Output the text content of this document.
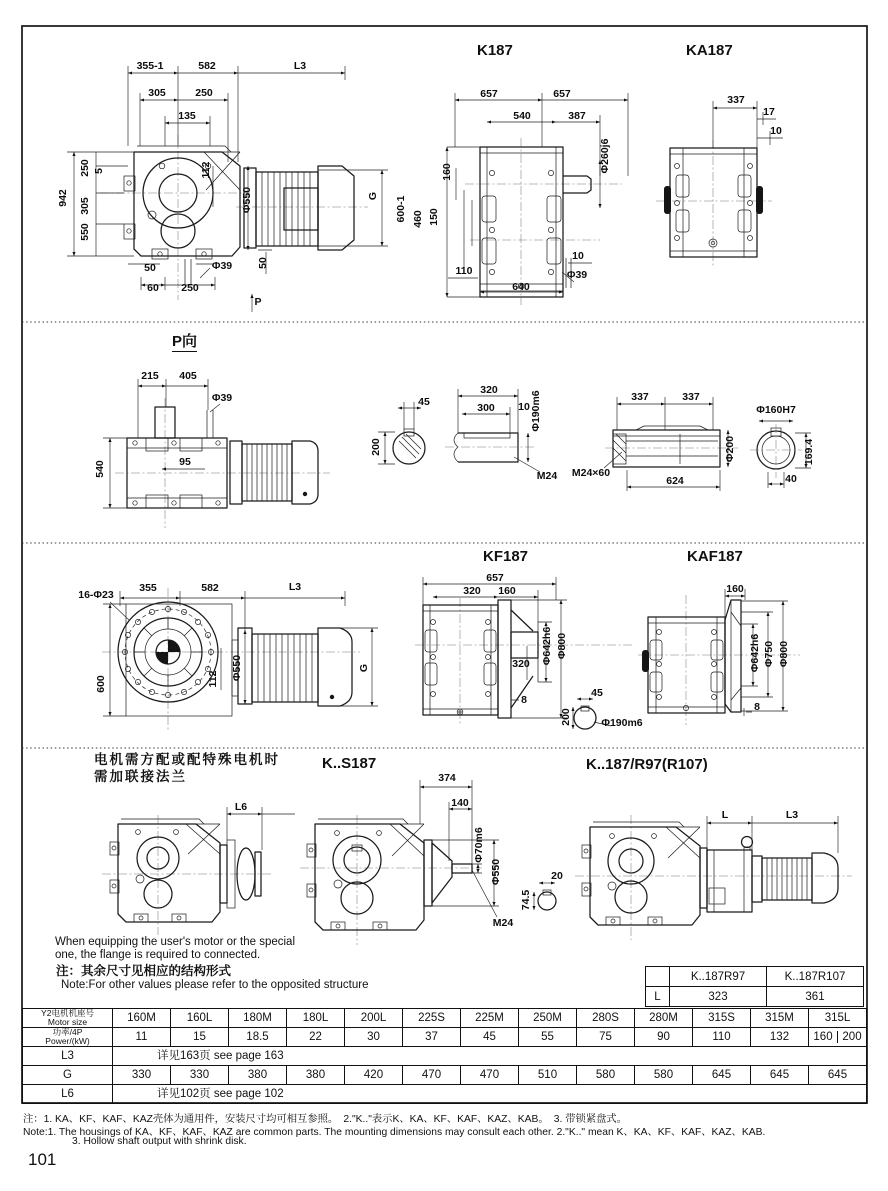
355-1	582	L3
305	250
135
942
250 5
305
550
112
Φ550	G
50	Φ39 50
60 250
P
657	657
540	387
Φ260j6
160
600-1 460 150
10
110	Φ39
640
337
17
10
215 405
Φ39
540	95
45
200
320
300 10 Φ190m6
M24 M24×60
337	337
Φ200
624
Φ160H7
169.4
40
16-Φ23
355	582	L3
600	112 Φ550	G
657
320 160
Φ642h6 Φ800
320
8
45
200	Φ190m6
160
Φ642h6 Φ750 Φ800
8
L6
374
140
Φ70m6
Φ550
M24
20
74.5
L	L3
K187	KA187
P向
KF187	KAF187
K..S187	K..187/R97(R107)
电机需方配或配特殊电机时
需加联接法兰
When equipping the user's motor or the special
one, the flange is required to connected.
注：其余尺寸见相应的结构形式
Note:For other values please refer to the opposited structure
	K..187R97	K..187R107
L	323	361
Y2电机机座号
Motor size	160M	160L	180M	180L	200L	225S	225M	250M	280S	280M	315S	315M	315L

功率/4P
Power/(kW)	11	15	18.5	22	30	37	45	55	75	90	110	132	160 200

L3	详见163页 see page 163												
G	330	330	380	380	420	470	470	510	580	580	645	645	645
L6	详见102页 see page 102												
注：1. KA、KF、KAF、KAZ壳体为通用件，安装尺寸均可相互参照。　2."K.."表示K、KA、KF、KAF、KAZ、KAB。　3. 带锁紧盘式。
Note:1. The housings of KA、KF、KAF、KAZ are common parts. The mounting dimensions may consult each other. 2."K.." mean K、KA、KF、KAF、KAZ、KAB.
3. Hollow shaft output with shrink disk.
101
